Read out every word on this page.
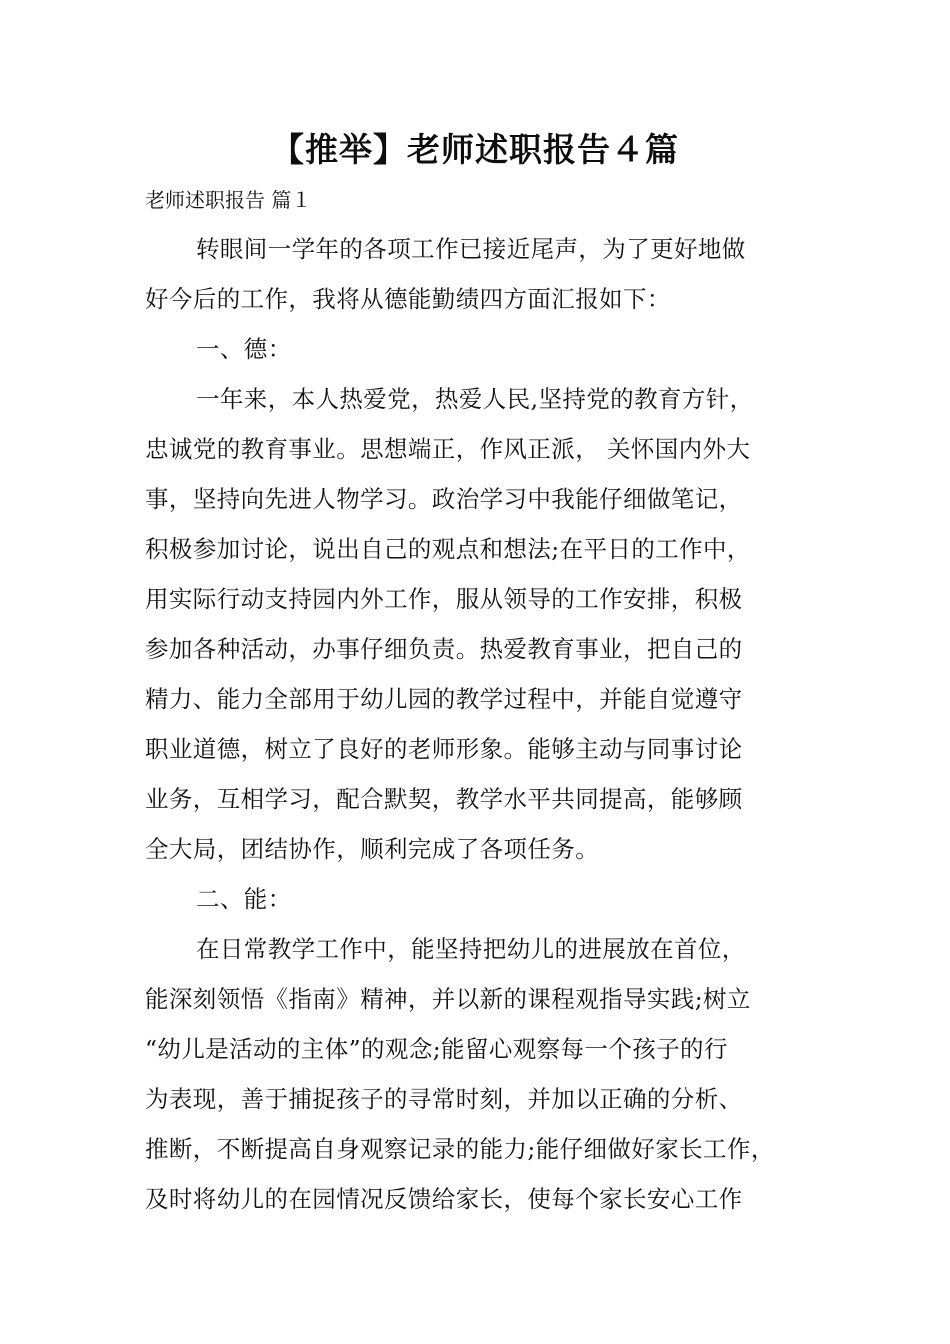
【推举】老师述职报告４篇
老师述职报告 篇１
转眼间一学年的各项工作已接近尾声，为了更好地做
好今后的工作，我将从德能勤绩四方面汇报如下：
一、德：
一年来，本人热爱党，热爱人民,坚持党的教育方针，
忠诚党的教育事业。思想端正，作风正派， 关怀国内外大
事，坚持向先进人物学习。政治学习中我能仔细做笔记，
积极参加讨论，说出自己的观点和想法;在平日的工作中，
用实际行动支持园内外工作，服从领导的工作安排，积极
参加各种活动，办事仔细负责。热爱教育事业，把自己的
精力、能力全部用于幼儿园的教学过程中，并能自觉遵守
职业道德，树立了良好的老师形象。能够主动与同事讨论
业务，互相学习，配合默契，教学水平共同提高，能够顾
全大局，团结协作，顺利完成了各项任务。
二、能：
在日常教学工作中，能坚持把幼儿的进展放在首位，
能深刻领悟《指南》精神，并以新的课程观指导实践;树立
“幼儿是活动的主体”的观念;能留心观察每一个孩子的行
为表现，善于捕捉孩子的寻常时刻，并加以正确的分析、
推断，不断提高自身观察记录的能力;能仔细做好家长工作，
及时将幼儿的在园情况反馈给家长，使每个家长安心工作
